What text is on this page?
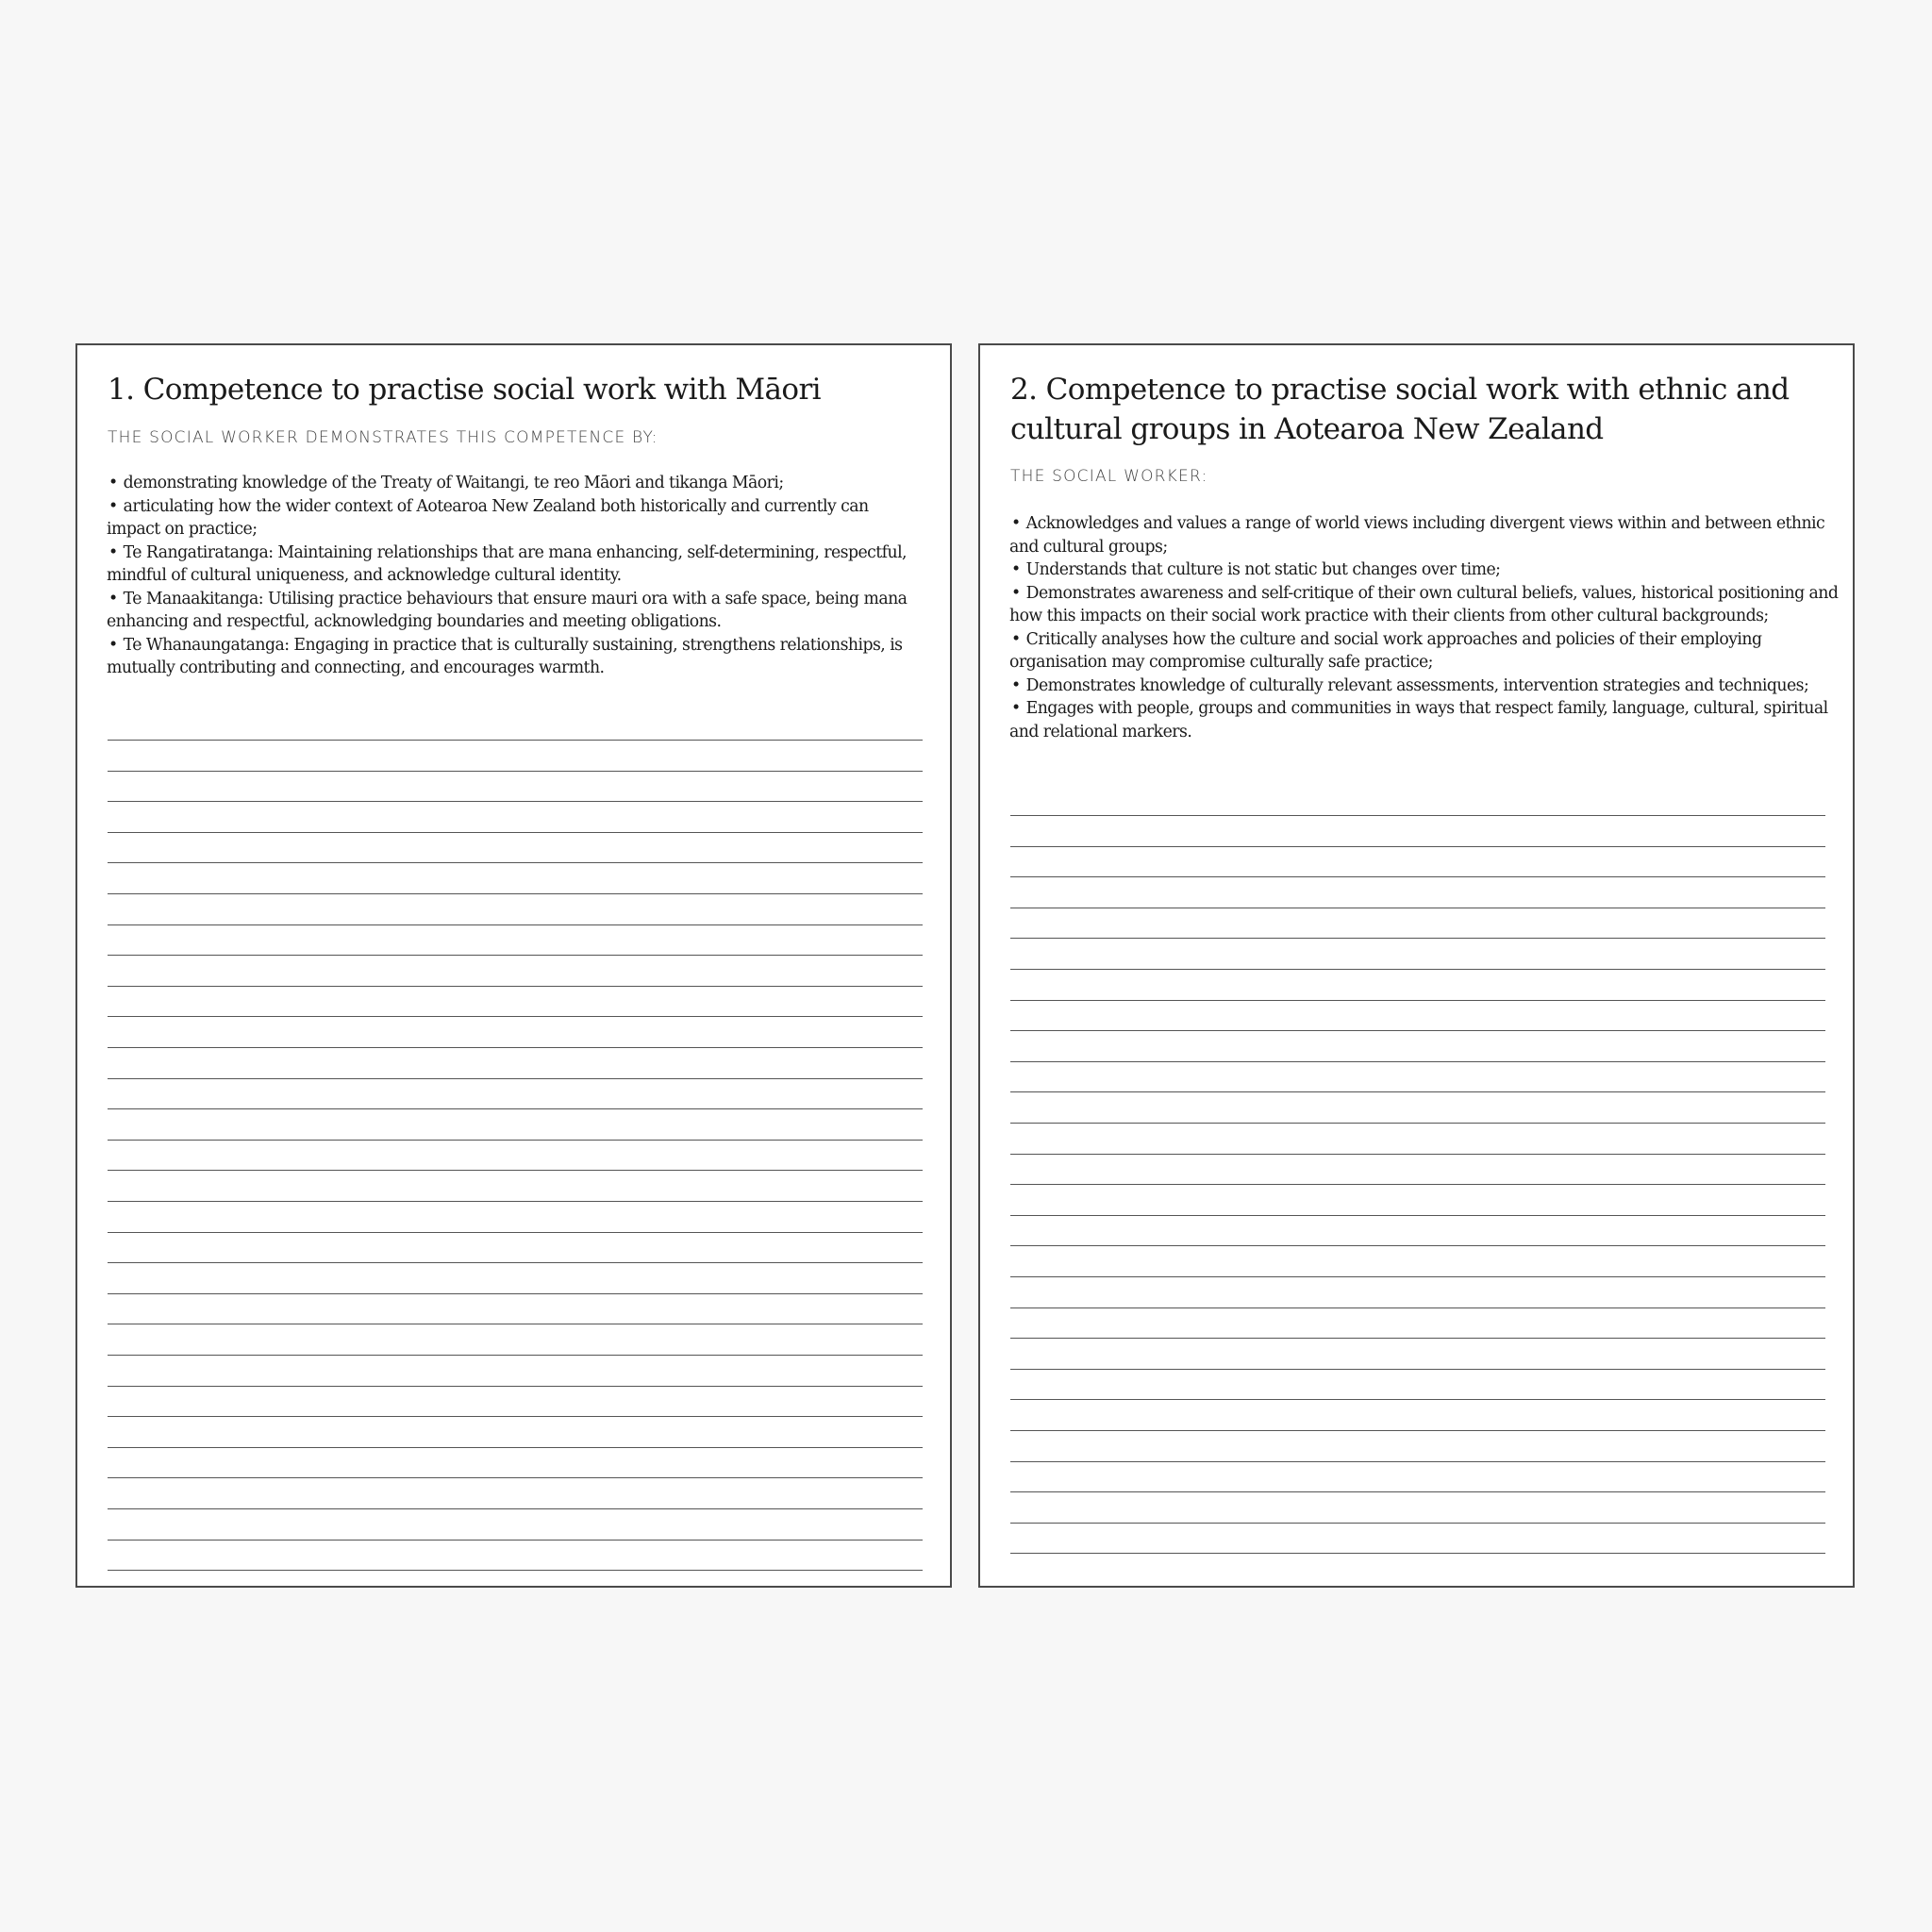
1. Competence to practise social work with Māori

THE SOCIAL WORKER DEMONSTRATES THIS COMPETENCE BY:

• demonstrating knowledge of the Treaty of Waitangi, te reo Māori and tikanga Māori;
• articulating how the wider context of Aotearoa New Zealand both historically and currently can impact on practice;
• Te Rangatiratanga: Maintaining relationships that are mana enhancing, self-determining, respectful, mindful of cultural uniqueness, and acknowledge cultural identity.
• Te Manaakitanga: Utilising practice behaviours that ensure mauri ora with a safe space, being mana enhancing and respectful, acknowledging boundaries and meeting obligations.
• Te Whanaungatanga: Engaging in practice that is culturally sustaining, strengthens relationships, is mutually contributing and connecting, and encourages warmth.
2. Competence to practise social work with ethnic and cultural groups in Aotearoa New Zealand

THE SOCIAL WORKER:

• Acknowledges and values a range of world views including divergent views within and between ethnic and cultural groups;
• Understands that culture is not static but changes over time;
• Demonstrates awareness and self-critique of their own cultural beliefs, values, historical positioning and how this impacts on their social work practice with their clients from other cultural backgrounds;
• Critically analyses how the culture and social work approaches and policies of their employing organisation may compromise culturally safe practice;
• Demonstrates knowledge of culturally relevant assessments, intervention strategies and techniques;
• Engages with people, groups and communities in ways that respect family, language, cultural, spiritual and relational markers.
